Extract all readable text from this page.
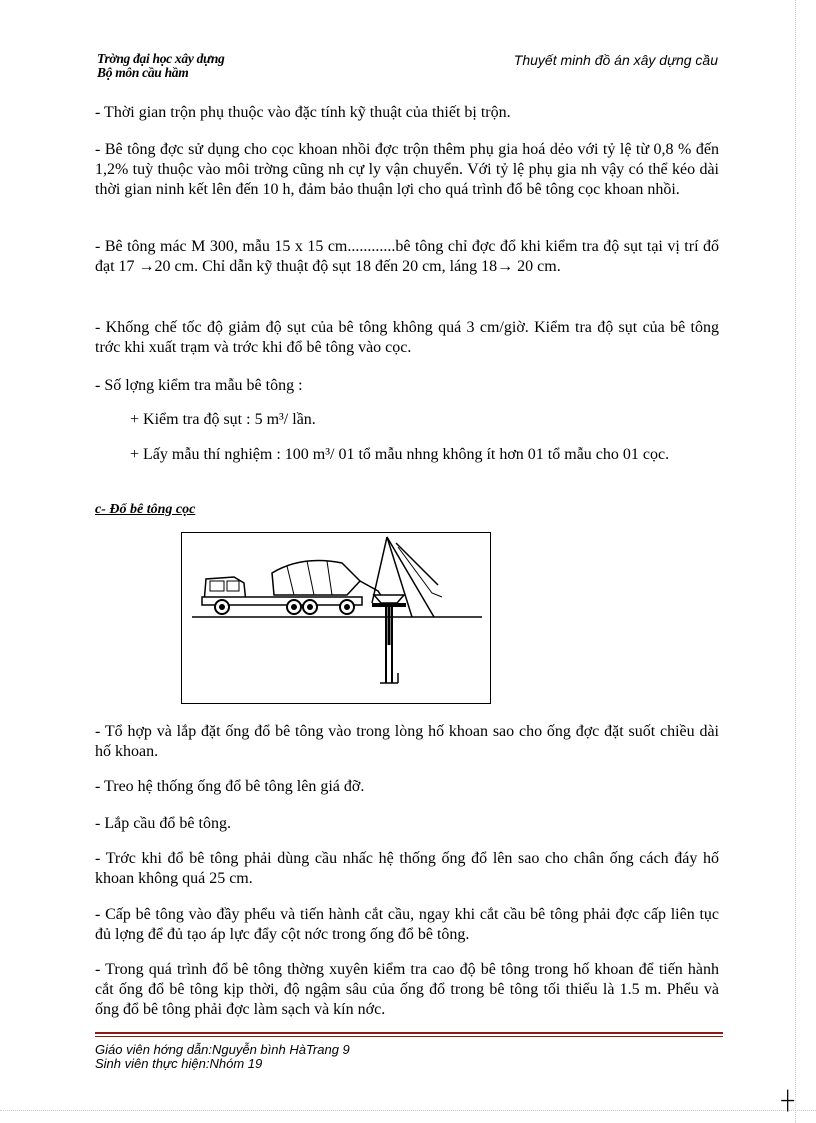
Trờng đại học xây dựng
Bộ môn cầu hầm
Thuyết minh đồ án xây dựng cầu

- Thời gian trộn phụ thuộc vào đặc tính kỹ thuật của thiết bị trộn.

- Bê tông đợc sử dụng cho cọc khoan nhồi đợc trộn thêm phụ gia hoá dẻo với tỷ lệ từ 0,8 % đến 1,2% tuỳ thuộc vào môi trờng cũng nh cự ly vận chuyển. Với tỷ lệ phụ gia nh vậy có thể kéo dài thời gian ninh kết lên đến 10 h, đảm bảo thuận lợi cho quá trình đổ bê tông cọc khoan nhồi.

- Bê tông mác M 300, mẫu 15 x 15 cm............bê tông chỉ đợc đổ khi kiểm tra độ sụt tại vị trí đổ đạt 17 →20 cm. Chỉ dẫn kỹ thuật độ sụt 18 đến 20 cm, láng 18→ 20 cm.

- Khống chế tốc độ giảm độ sụt của bê tông không quá 3 cm/giờ. Kiểm tra độ sụt của bê tông trớc khi xuất trạm và trớc khi đổ bê tông vào cọc.

- Số lợng kiểm tra mẫu bê tông :

+ Kiểm tra độ sụt : 5 m³/ lần.

+ Lấy mẫu thí nghiệm : 100 m³/ 01 tổ mẫu nhng không ít hơn 01 tổ mẫu cho 01 cọc.

c- Đổ bê tông cọc

- Tổ hợp và lắp đặt ống đổ bê tông vào trong lòng hố khoan sao cho ống đợc đặt suốt chiều dài hố khoan.

- Treo hệ thống ống đổ bê tông lên giá đỡ.

- Lắp cầu đổ bê tông.

- Trớc khi đổ bê tông phải dùng cầu nhấc hệ thống ống đổ lên sao cho chân ống cách đáy hố khoan không quá 25 cm.

- Cấp bê tông vào đầy phểu và tiến hành cắt cầu, ngay khi cắt cầu bê tông phải đợc cấp liên tục đủ lợng để đủ tạo áp lực đẩy cột nớc trong ống đổ bê tông.

- Trong quá trình đổ bê tông thờng xuyên kiểm tra cao độ bê tông trong hố khoan để tiến hành cắt ống đổ bê tông kịp thời, độ ngậm sâu của ống đổ trong bê tông tối thiểu là 1.5 m. Phểu và ống đổ bê tông phải đợc làm sạch và kín nớc.

Giáo viên hớng dẫn:Nguyễn bình HàTrang 9
Sinh viên thực hiện:Nhóm 19
┼
